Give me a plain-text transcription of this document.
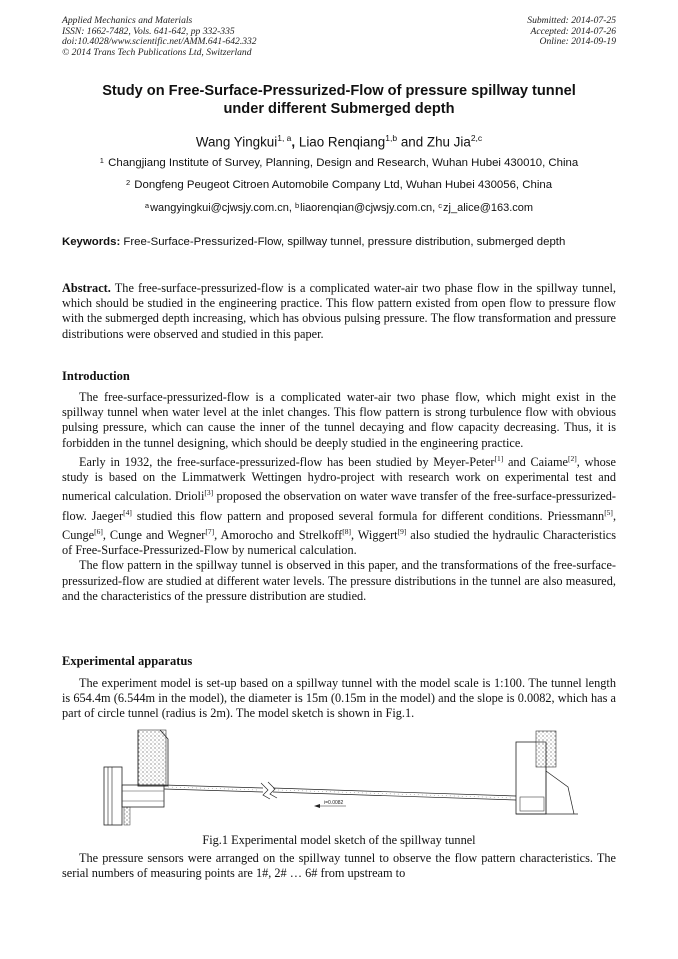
Applied Mechanics and Materials
ISSN: 1662-7482, Vols. 641-642, pp 332-335
doi:10.4028/www.scientific.net/AMM.641-642.332
© 2014 Trans Tech Publications Ltd, Switzerland
Submitted: 2014-07-25
Accepted: 2014-07-26
Online: 2014-09-19
Study on Free-Surface-Pressurized-Flow of pressure spillway tunnel
under different Submerged depth
Wang Yingkui$^{1, a}$, Liao Renqiang$^{1,b}$ and Zhu Jia$^{2,c}$
$^1$ Changjiang Institute of Survey, Planning, Design and Research, Wuhan Hubei 430010, China
$^2$ Dongfeng Peugeot Citroen Automobile Company Ltd, Wuhan Hubei 430056, China
$^a$wangyingkui@cjwsjy.com.cn, $^b$liaorenqian@cjwsjy.com.cn, $^c$zj_alice@163.com
Keywords: Free-Surface-Pressurized-Flow, spillway tunnel, pressure distribution, submerged depth

Abstract. The free-surface-pressurized-flow is a complicated water-air two phase flow in the spillway tunnel, which should be studied in the engineering practice. This flow pattern existed from open flow to pressure flow with the submerged depth increasing, which has obvious pulsing pressure. The flow transformation and pressure distributions were observed and studied in this paper.

Introduction

The free-surface-pressurized-flow is a complicated water-air two phase flow, which might exist in the spillway tunnel when water level at the inlet changes. This flow pattern is strong turbulence flow with obvious pulsing pressure, which can cause the inner of the tunnel decaying and flow capacity decreasing. Thus, it is forbidden in the tunnel designing, which should be deeply studied in the engineering practice.

Early in 1932, the free-surface-pressurized-flow has been studied by Meyer-Peter[1] and Caiame[2], whose study is based on the Limmatwerk Wettingen hydro-project with research work on experimental test and numerical calculation. Drioli[3] proposed the observation on water wave transfer of the free-surface-pressurized-flow. Jaeger[4] studied this flow pattern and proposed several formula for different conditions. Priessmann[5], Cunge[6], Cunge and Wegner[7], Amorocho and Strelkoff[8], Wiggert[9] also studied the hydraulic Characteristics of Free-Surface-Pressurized-Flow by numerical calculation.

The flow pattern in the spillway tunnel is observed in this paper, and the transformations of the free-surface-pressurized-flow are studied at different water levels. The pressure distributions in the tunnel are also measured, and the characteristics of the pressure distribution are studied.

Experimental apparatus

The experiment model is set-up based on a spillway tunnel with the model scale is 1:100. The tunnel length is 654.4m (6.544m in the model), the diameter is 15m (0.15m in the model) and the slope is 0.0082, which has a part of circle tunnel (radius is 2m). The model sketch is shown in Fig.1.

i=0.0082
Fig.1 Experimental model sketch of the spillway tunnel

The pressure sensors were arranged on the spillway tunnel to observe the flow pattern characteristics. The serial numbers of measuring points are 1#, 2# … 6# from upstream to
